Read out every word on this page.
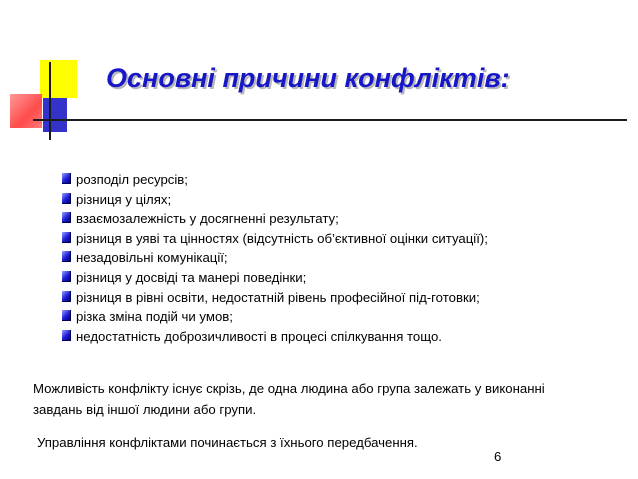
Основні причини конфліктів:
розподіл ресурсів;
різниця у цілях;
взаємозалежність у досягненні результату;
різниця в уяві та цінностях (відсутність об’єктивної оцінки ситуації);
незадовільні комунікації;
різниця у досвіді та манері поведінки;
різниця в рівні освіти, недостатній рівень професійної під-готовки;
різка зміна подій чи умов;
недостатність доброзичливості в процесі спілкування тощо.
Можливість конфлікту існує скрізь, де одна людина або група залежать у виконанні завдань від іншої людини або групи.
Управління конфліктами починається з їхнього передбачення.
6
